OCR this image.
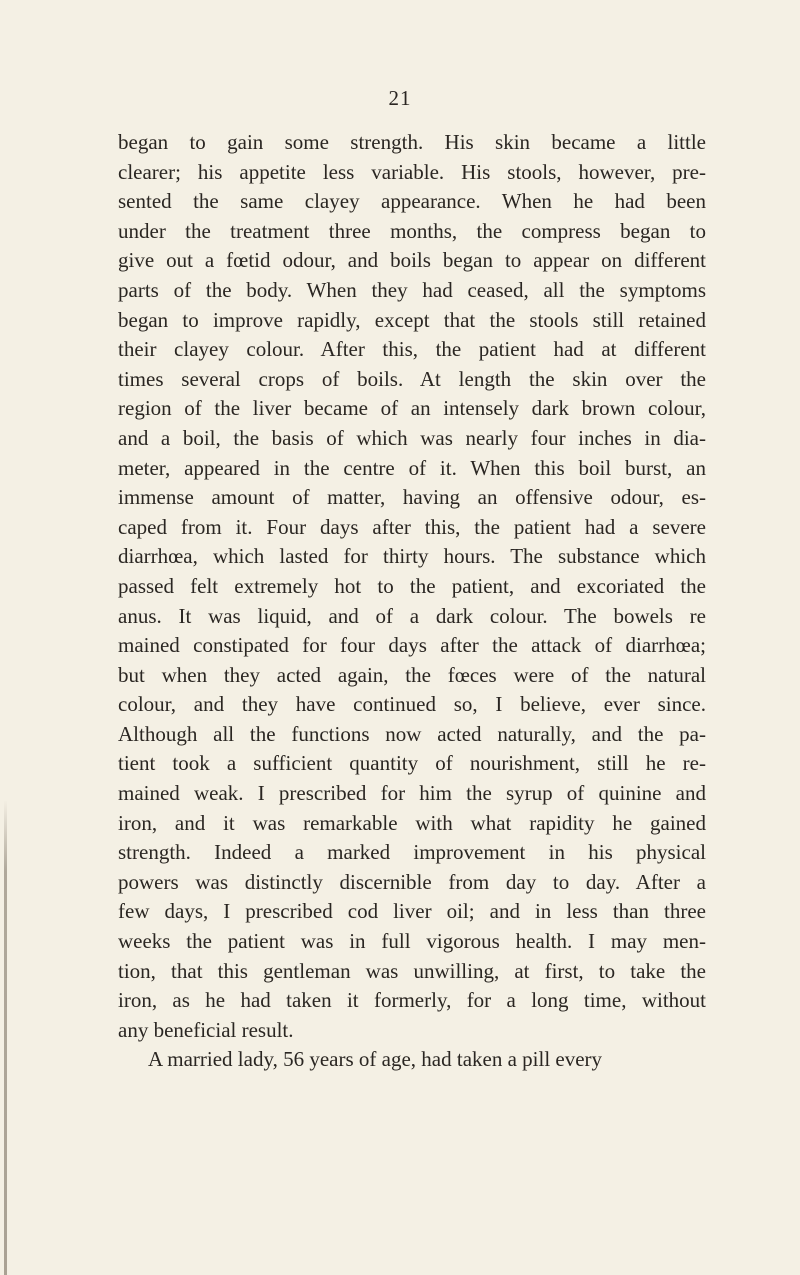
21
began to gain some strength. His skin became a little
clearer; his appetite less variable. His stools, however, pre-
sented the same clayey appearance. When he had been
under the treatment three months, the compress began to
give out a fœtid odour, and boils began to appear on different
parts of the body. When they had ceased, all the symptoms
began to improve rapidly, except that the stools still retained
their clayey colour. After this, the patient had at different
times several crops of boils. At length the skin over the
region of the liver became of an intensely dark brown colour,
and a boil, the basis of which was nearly four inches in dia-
meter, appeared in the centre of it. When this boil burst, an
immense amount of matter, having an offensive odour, es-
caped from it. Four days after this, the patient had a severe
diarrhœa, which lasted for thirty hours. The substance which
passed felt extremely hot to the patient, and excoriated the
anus. It was liquid, and of a dark colour. The bowels re
mained constipated for four days after the attack of diarrhœa;
but when they acted again, the fœces were of the natural
colour, and they have continued so, I believe, ever since.
Although all the functions now acted naturally, and the pa-
tient took a sufficient quantity of nourishment, still he re-
mained weak. I prescribed for him the syrup of quinine and
iron, and it was remarkable with what rapidity he gained
strength. Indeed a marked improvement in his physical
powers was distinctly discernible from day to day. After a
few days, I prescribed cod liver oil; and in less than three
weeks the patient was in full vigorous health. I may men-
tion, that this gentleman was unwilling, at first, to take the
iron, as he had taken it formerly, for a long time, without
any beneficial result.
A married lady, 56 years of age, had taken a pill every
